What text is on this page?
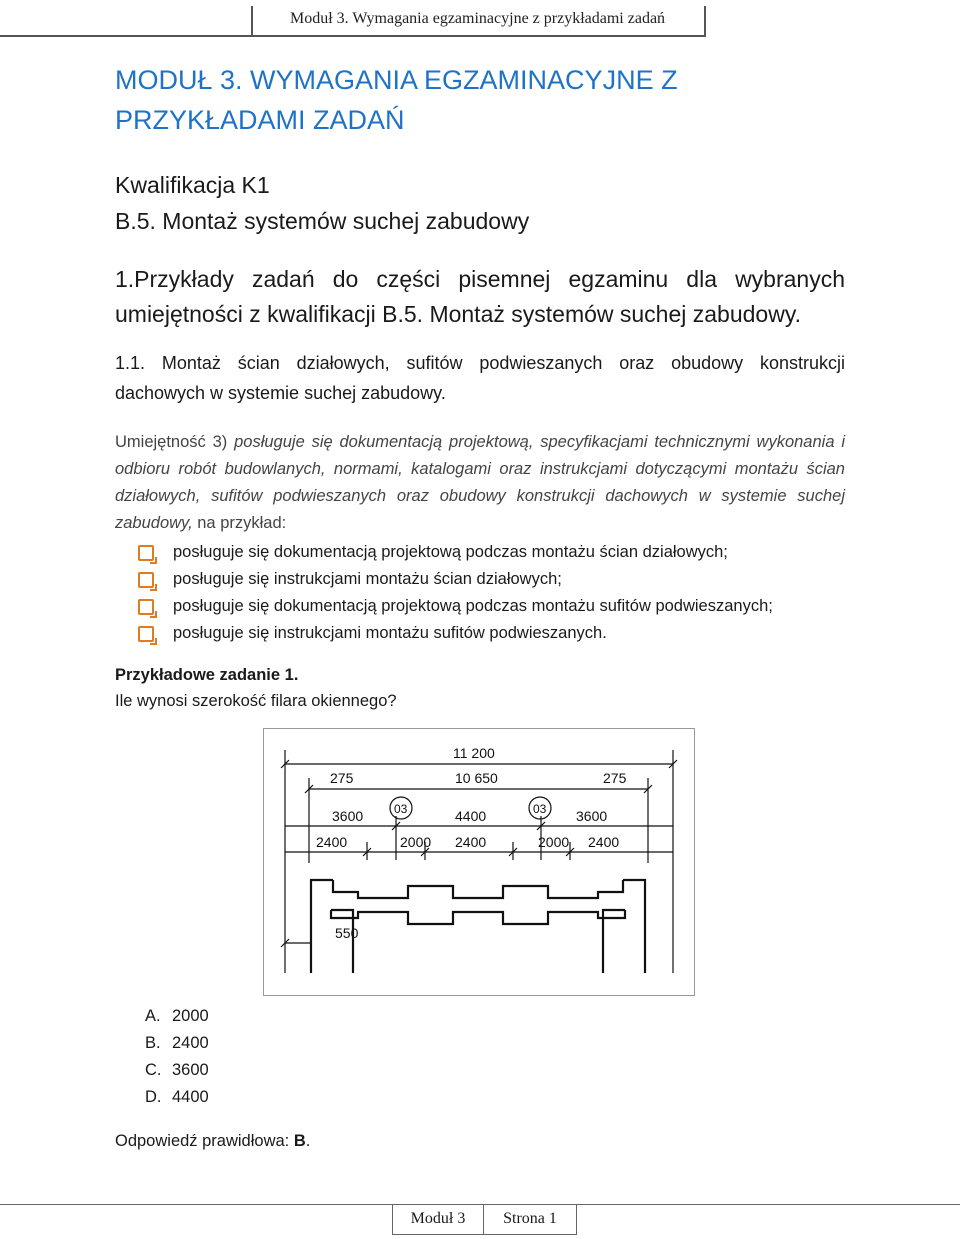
Moduł 3. Wymagania egzaminacyjne z przykładami zadań
MODUŁ 3. WYMAGANIA EGZAMINACYJNE Z PRZYKŁADAMI ZADAŃ
Kwalifikacja K1
B.5. Montaż systemów suchej zabudowy
1.Przykłady zadań do części pisemnej egzaminu dla wybranych umiejętności z kwalifikacji B.5. Montaż systemów suchej zabudowy.
1.1. Montaż ścian działowych, sufitów podwieszanych oraz obudowy konstrukcji dachowych w systemie suchej zabudowy.
Umiejętność 3) posługuje się dokumentacją projektową, specyfikacjami technicznymi wykonania i odbioru robót budowlanych, normami, katalogami oraz instrukcjami dotyczącymi montażu ścian działowych, sufitów podwieszanych oraz obudowy konstrukcji dachowych w systemie suchej zabudowy, na przykład:
posługuje się dokumentacją projektową podczas montażu ścian działowych;
posługuje się instrukcjami montażu ścian działowych;
posługuje się dokumentacją projektową podczas montażu sufitów podwieszanych;
posługuje się instrukcjami montażu sufitów podwieszanych.
Przykładowe zadanie 1.
Ile wynosi szerokość filara okiennego?
11 200
10 650
275	275
3600	4400	3600
03	03
2400	2000 2400	2000 2400
550
A. 2000
B. 2400
C. 3600
D. 4400
Odpowiedź prawidłowa: B.
Moduł 3	Strona 1
